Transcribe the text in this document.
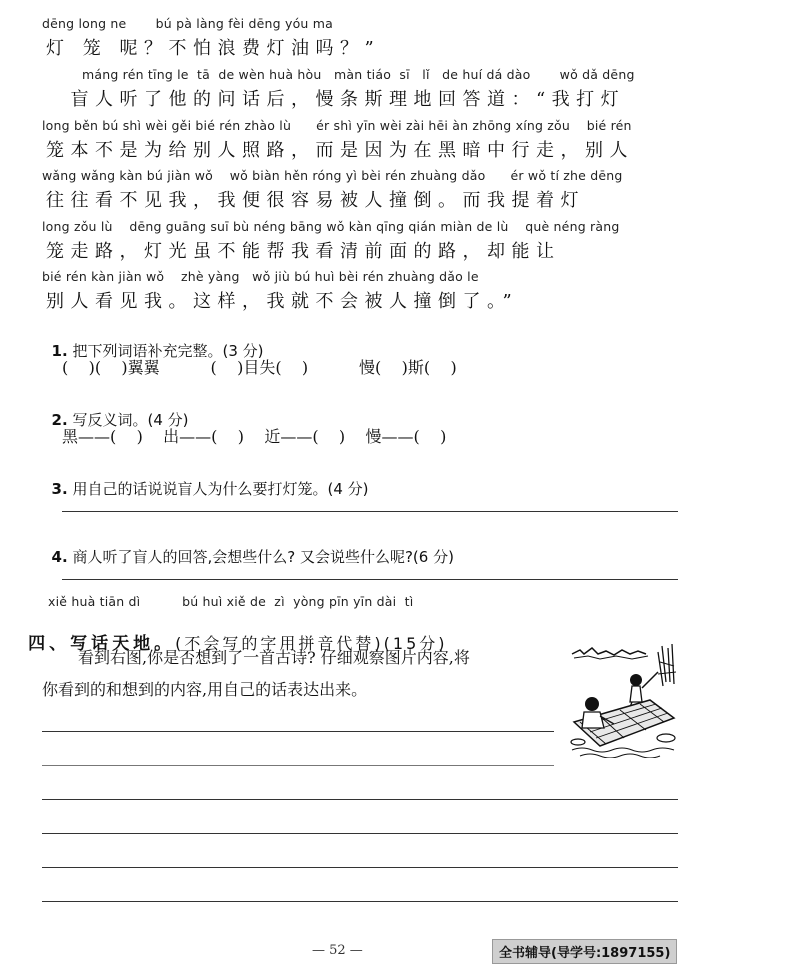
dēng long ne       bú pà làng fèi dēng yóu ma
灯 笼 呢？不怕浪费灯油吗？”
máng rén tīng le  tā  de wèn huà hòu   màn tiáo  sī   lǐ   de huí dá dào       wǒ dǎ dēng
盲人听了他的问话后，慢条斯理地回答道：“我打灯
long běn bú shì wèi gěi bié rén zhào lù      ér shì yīn wèi zài hēi àn zhōng xíng zǒu    bié rén
笼本不是为给别人照路，而是因为在黑暗中行走，别人
wǎng wǎng kàn bú jiàn wǒ    wǒ biàn hěn róng yì bèi rén zhuàng dǎo      ér wǒ tí zhe dēng
往往看不见我，我便很容易被人撞倒。而我提着灯
long zǒu lù    dēng guāng suī bù néng bāng wǒ kàn qīng qián miàn de lù    què néng ràng
笼走路，灯光虽不能帮我看清前面的路，却能让
bié rén kàn jiàn wǒ    zhè yàng   wǒ jiù bú huì bèi rén zhuàng dǎo le
别人看见我。这样，我就不会被人撞倒了。”

1. 把下列词语补充完整。(3 分)

(    )(    )翼翼          (    )目失(    )          慢(    )斯(    )

2. 写反义词。(4 分)

黑——(    )    出——(    )    近——(    )    慢——(    )

3. 用自己的话说说盲人为什么要打灯笼。(4 分)

4. 商人听了盲人的回答,会想些什么? 又会说些什么呢?(6 分)

xiě huà tiān dì          bú huì xiě de  zì  yòng pīn yīn dài  tì

四、写话天地。(不会写的字用拼音代替)(15分)

看到右图,你是否想到了一首古诗? 仔细观察图片内容,将
你看到的和想到的内容,用自己的话表达出来。
— 52 —	全书辅导(导学号:1897155)
